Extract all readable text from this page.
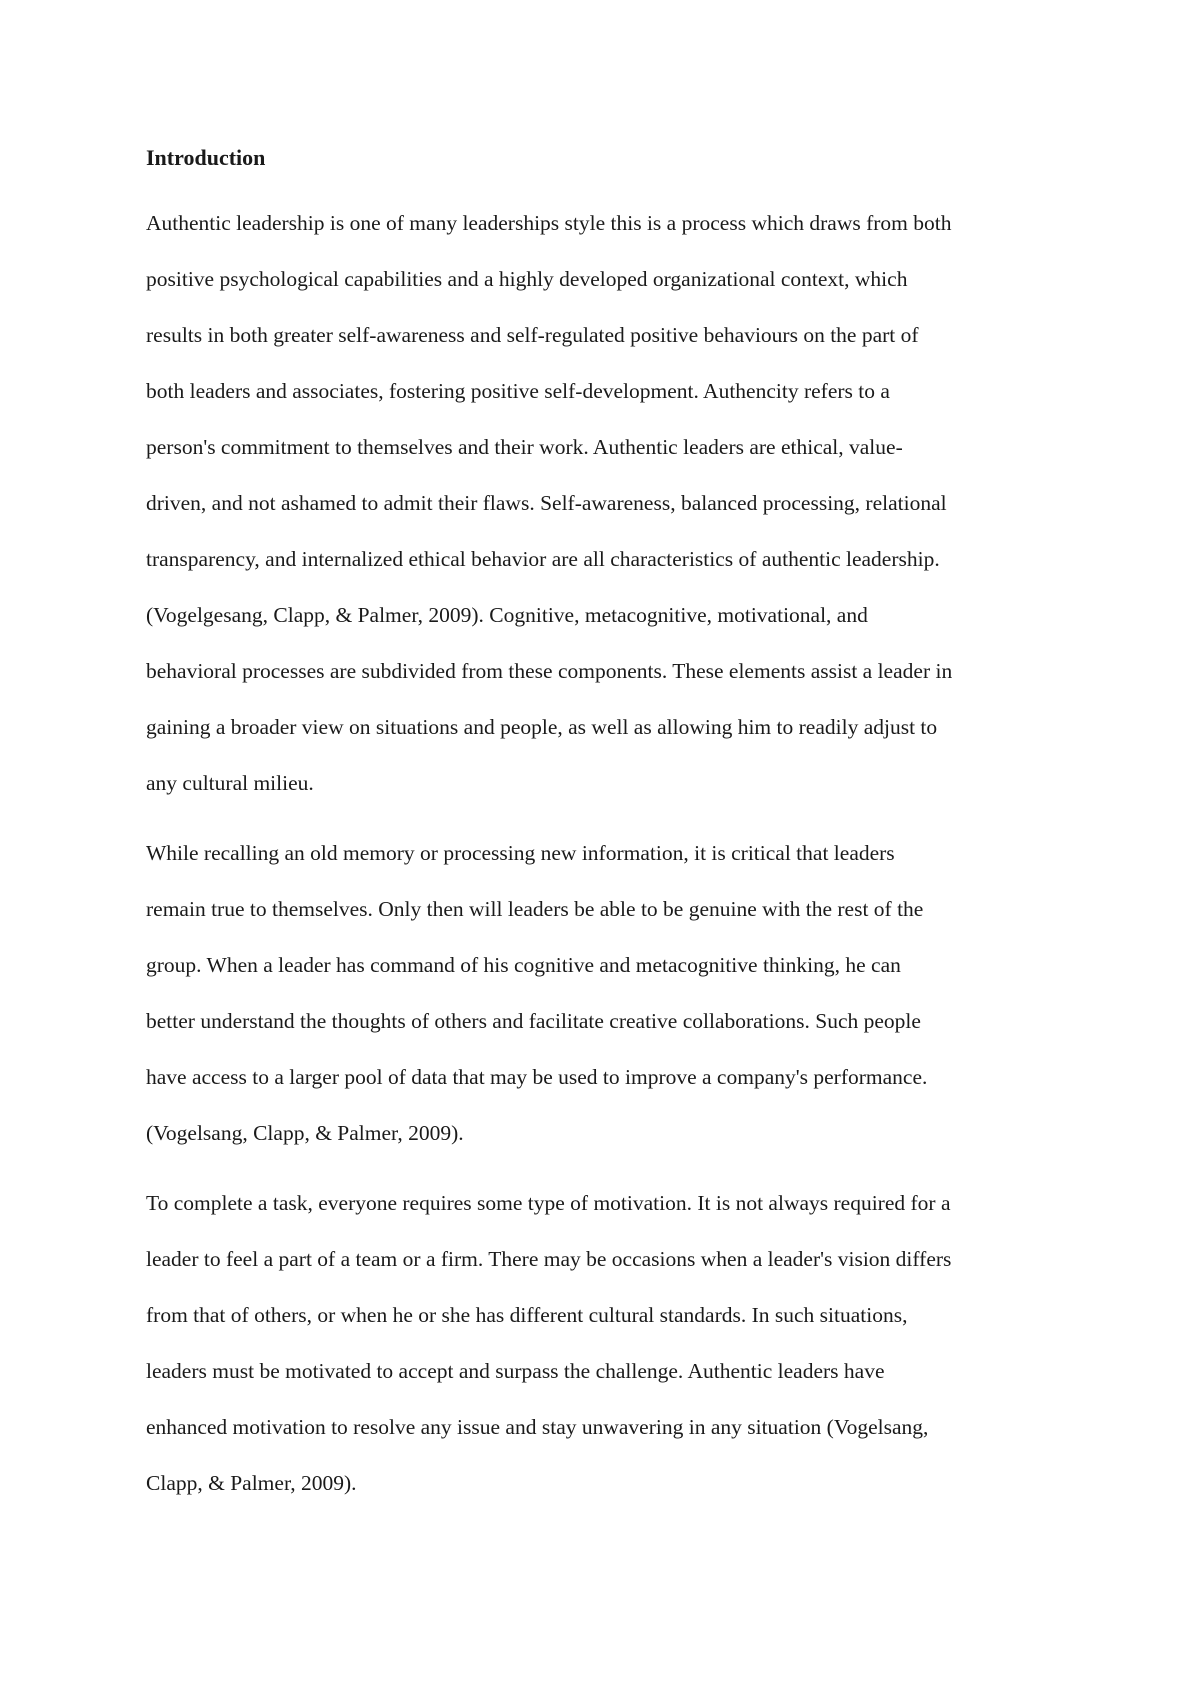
Introduction
Authentic leadership is one of many leaderships style this is a process which draws from both
positive psychological capabilities and a highly developed organizational context, which
results in both greater self-awareness and self-regulated positive behaviours on the part of
both leaders and associates, fostering positive self-development. Authencity refers to a
person's commitment to themselves and their work. Authentic leaders are ethical, value-
driven, and not ashamed to admit their flaws. Self-awareness, balanced processing, relational
transparency, and internalized ethical behavior are all characteristics of authentic leadership.
(Vogelgesang, Clapp, & Palmer, 2009). Cognitive, metacognitive, motivational, and
behavioral processes are subdivided from these components. These elements assist a leader in
gaining a broader view on situations and people, as well as allowing him to readily adjust to
any cultural milieu.
While recalling an old memory or processing new information, it is critical that leaders
remain true to themselves. Only then will leaders be able to be genuine with the rest of the
group. When a leader has command of his cognitive and metacognitive thinking, he can
better understand the thoughts of others and facilitate creative collaborations. Such people
have access to a larger pool of data that may be used to improve a company's performance.
(Vogelsang, Clapp, & Palmer, 2009).
To complete a task, everyone requires some type of motivation. It is not always required for a
leader to feel a part of a team or a firm. There may be occasions when a leader's vision differs
from that of others, or when he or she has different cultural standards. In such situations,
leaders must be motivated to accept and surpass the challenge. Authentic leaders have
enhanced motivation to resolve any issue and stay unwavering in any situation (Vogelsang,
Clapp, & Palmer, 2009).
